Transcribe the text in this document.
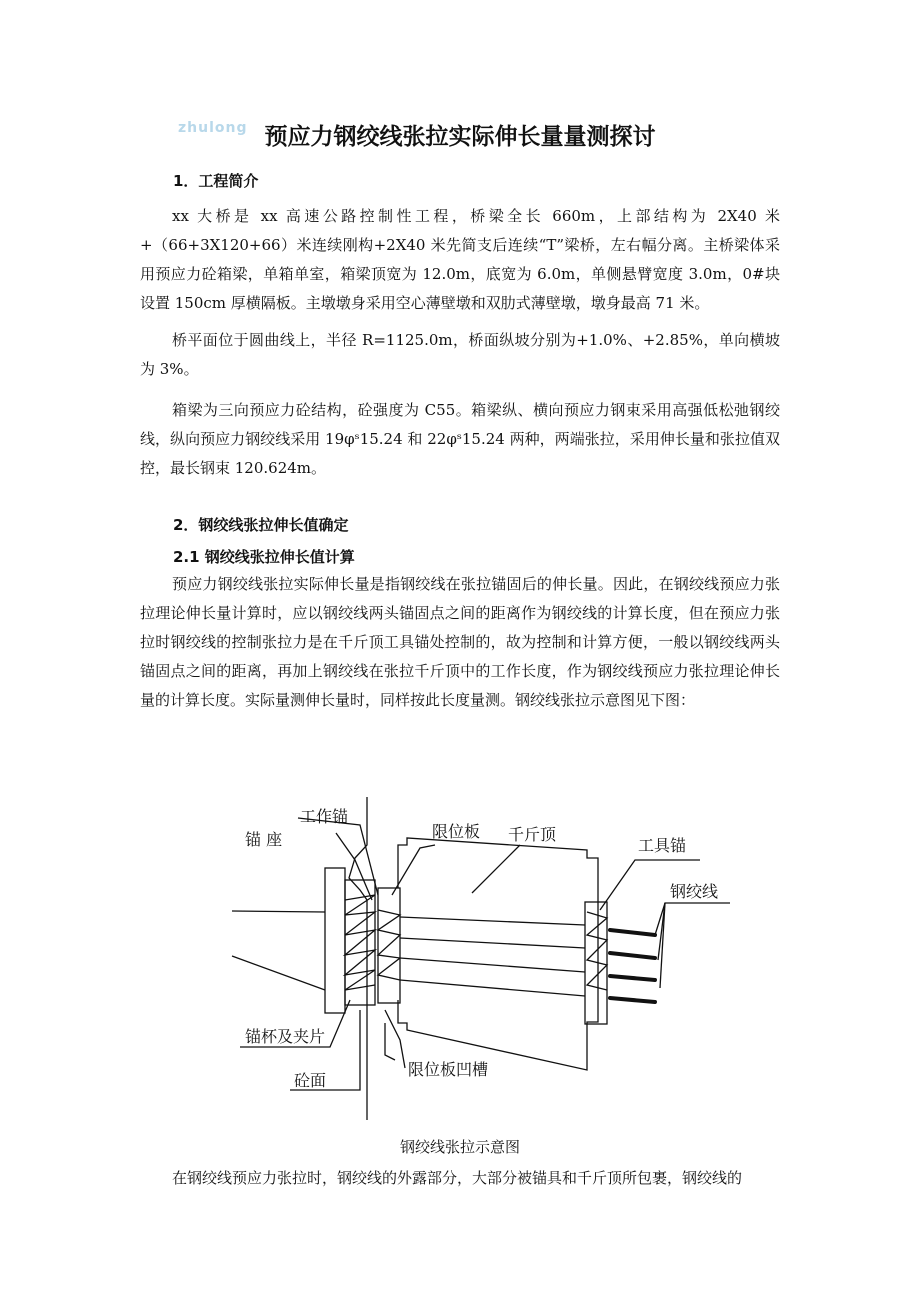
zhulong 预应力钢绞线张拉实际伸长量量测探讨
1．工程简介

xx 大桥是 xx 高速公路控制性工程，桥梁全长 660m，上部结构为 2X40 米+（66+3X120+66）米连续刚构+2X40 米先简支后连续“T”梁桥，左右幅分离。主桥梁体采用预应力砼箱梁，单箱单室，箱梁顶宽为 12.0m，底宽为 6.0m，单侧悬臂宽度 3.0m，0#块设置 150cm 厚横隔板。主墩墩身采用空心薄壁墩和双肋式薄壁墩，墩身最高 71 米。

桥平面位于圆曲线上，半径 R=1125.0m，桥面纵坡分别为+1.0%、+2.85%，单向横坡为 3%。

箱梁为三向预应力砼结构，砼强度为 C55。箱梁纵、横向预应力钢束采用高强低松弛钢绞线，纵向预应力钢绞线采用 19φˢ15.24 和 22φˢ15.24 两种，两端张拉，采用伸长量和张拉值双控，最长钢束 120.624m。

2．钢绞线张拉伸长值确定
2.1 钢绞线张拉伸长值计算

预应力钢绞线张拉实际伸长量是指钢绞线在张拉锚固后的伸长量。因此，在钢绞线预应力张拉理论伸长量计算时，应以钢绞线两头锚固点之间的距离作为钢绞线的计算长度，但在预应力张拉时钢绞线的控制张拉力是在千斤顶工具锚处控制的，故为控制和计算方便，一般以钢绞线两头锚固点之间的距离，再加上钢绞线在张拉千斤顶中的工作长度，作为钢绞线预应力张拉理论伸长量的计算长度。实际量测伸长量时，同样按此长度量测。钢绞线张拉示意图见下图：

工作锚
锚 座	限位板 千斤顶
工具锚
钢绞线
锚杯及夹片
限位板凹槽
砼面
钢绞线张拉示意图

在钢绞线预应力张拉时，钢绞线的外露部分，大部分被锚具和千斤顶所包裹，钢绞线的
